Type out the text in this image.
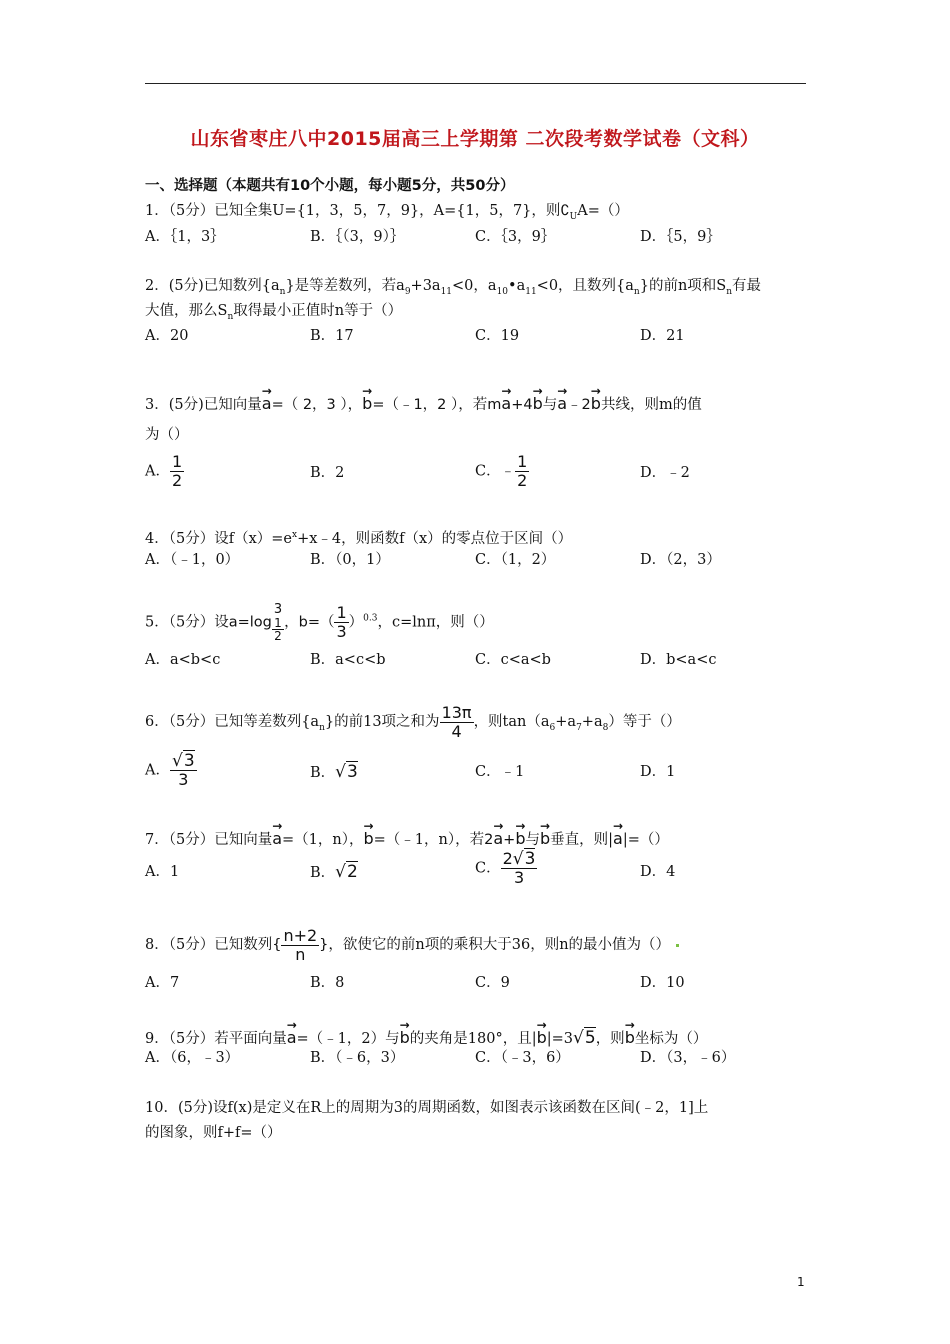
山东省枣庄八中2015届高三上学期第 二次段考数学试卷（文科）
一、选择题（本题共有10个小题，每小题5分，共50分）
1．（5分）已知全集U={1，3，5，7，9}，A={1，5，7}，则$∁_UA=()$
A．｛1，3｝	B．｛（3，9）｝	C．｛3，9｝	D．｛5，9｝
2．(5分)已知数列$\{a_n\}$是等差数列，若$a_9+3a_{11}<0$，$a_{10}•a_{11}<0$，且数列$\{a_n\}$的前n项和$S_n$有最
大值，那么$S_n$取得最小正值时n等于（）
A．20	B．17	C．19	D．21
3．(5分)已知向量→ a=（ 2，3 ），→ b=（﹣1，2 ），若m→ a+4→ b与→ a﹣2→ b共线，则m的值
为（）
A． $\frac{1}{2}$	B．2	C．﹣ $\frac{1}{2}$	D．﹣2
4．（5分）设$f(x)=e^x+x﹣4$，则函数f（x）的零点位于区间（）
A．（﹣1，0）	B．（0，1）	C．（1，2）	D．（2，3）
5．（5分）设a=log
3
$\frac{1}{2}$ ，$b=( \frac{1}{3} )^{0.3}$，c=lnπ，则（）
A．a<b<c	B．a<c<b	C．c<a<b	D．b<a<c
6．（5分）已知等差数列$\{a_n\}$的前13项之和为 $\frac{13\pi}{4}$ ，则$\tan(a_6+a_7+a_8)$等于（）
A． $\frac{√3}{3}$	B．√3	C．﹣1	D．1
7．（5分）已知向量→ a=（1，n），→ b=（﹣1，n），若2→ a+→ b与→ b垂直，则|→ a|=（）
A．1	B．√2	C． $\frac{2√3}{3}$	D．4
8．（5分）已知数列{ $\frac{n+2}{n}$ }，欲使它的前n项的乘积大于36，则n的最小值为（）
A．7	B．8	C．9	D．10
9．（5分）若平面向量→ a=（﹣1，2）与→ b的夹角是180°，且|→ b|=3√5，则→ b坐标为（）
A．（6，﹣3）	B．（﹣6，3）	C．（﹣3，6）	D．（3，﹣6）
10．(5分)设f(x)是定义在R上的周期为3的周期函数，如图表示该函数在区间(﹣2，1]上
的图象，则f+f=（）
1
